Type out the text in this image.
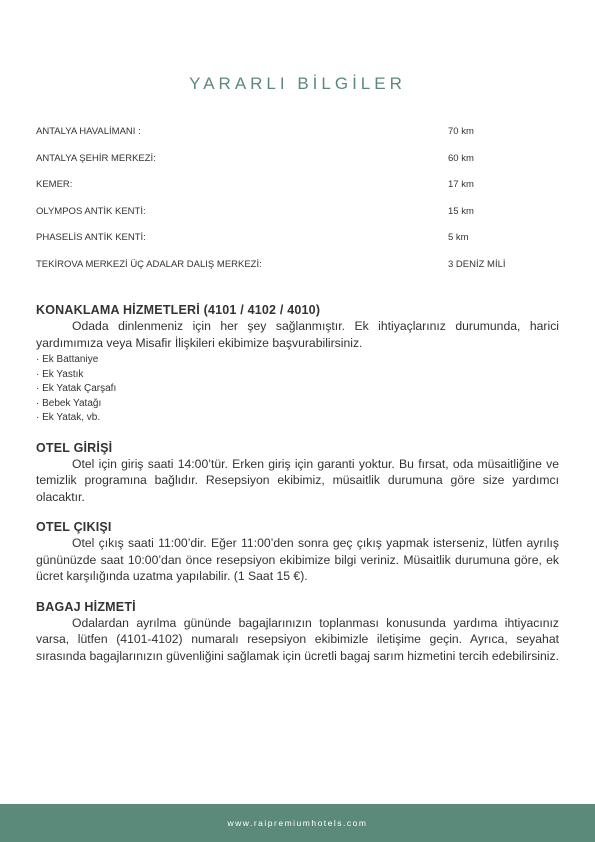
YARARLI BİLGİLER
ANTALYA HAVALİMANI :	70 km
ANTALYA ŞEHİR MERKEZİ:	60 km
KEMER:	17 km
OLYMPOS ANTİK KENTİ:	15 km
PHASELİS ANTİK KENTİ:	5 km
TEKİROVA MERKEZİ ÜÇ ADALAR DALIŞ MERKEZİ:	3 DENİZ MİLİ
KONAKLAMA HİZMETLERİ (4101 / 4102 / 4010)
Odada dinlenmeniz için her şey sağlanmıştır. Ek ihtiyaçlarınız durumunda, harici yardımımıza veya Misafir İlişkileri ekibimize başvurabilirsiniz.
· Ek Battaniye
· Ek Yastık
· Ek Yatak Çarşafı
· Bebek Yatağı
· Ek Yatak, vb.
OTEL GİRİŞİ
Otel için giriş saati 14:00’tür. Erken giriş için garanti yoktur. Bu fırsat, oda müsaitliğine ve temizlik programına bağlıdır. Resepsiyon ekibimiz, müsaitlik durumuna göre size yardımcı olacaktır.
OTEL ÇIKIŞI
Otel çıkış saati 11:00’dir. Eğer 11:00’den sonra geç çıkış yapmak isterseniz, lütfen ayrılış gününüzde saat 10:00’dan önce resepsiyon ekibimize bilgi veriniz. Müsaitlik durumuna göre, ek ücret karşılığında uzatma yapılabilir. (1 Saat 15 €).
BAGAJ HİZMETİ
Odalardan ayrılma gününde bagajlarınızın toplanması konusunda yardıma ihtiyacınız varsa, lütfen (4101-4102) numaralı resepsiyon ekibimizle iletişime geçin. Ayrıca, seyahat sırasında bagajlarınızın güvenliğini sağlamak için ücretli bagaj sarım hizmetini tercih edebilirsiniz.
www.raipremiumhotels.com
